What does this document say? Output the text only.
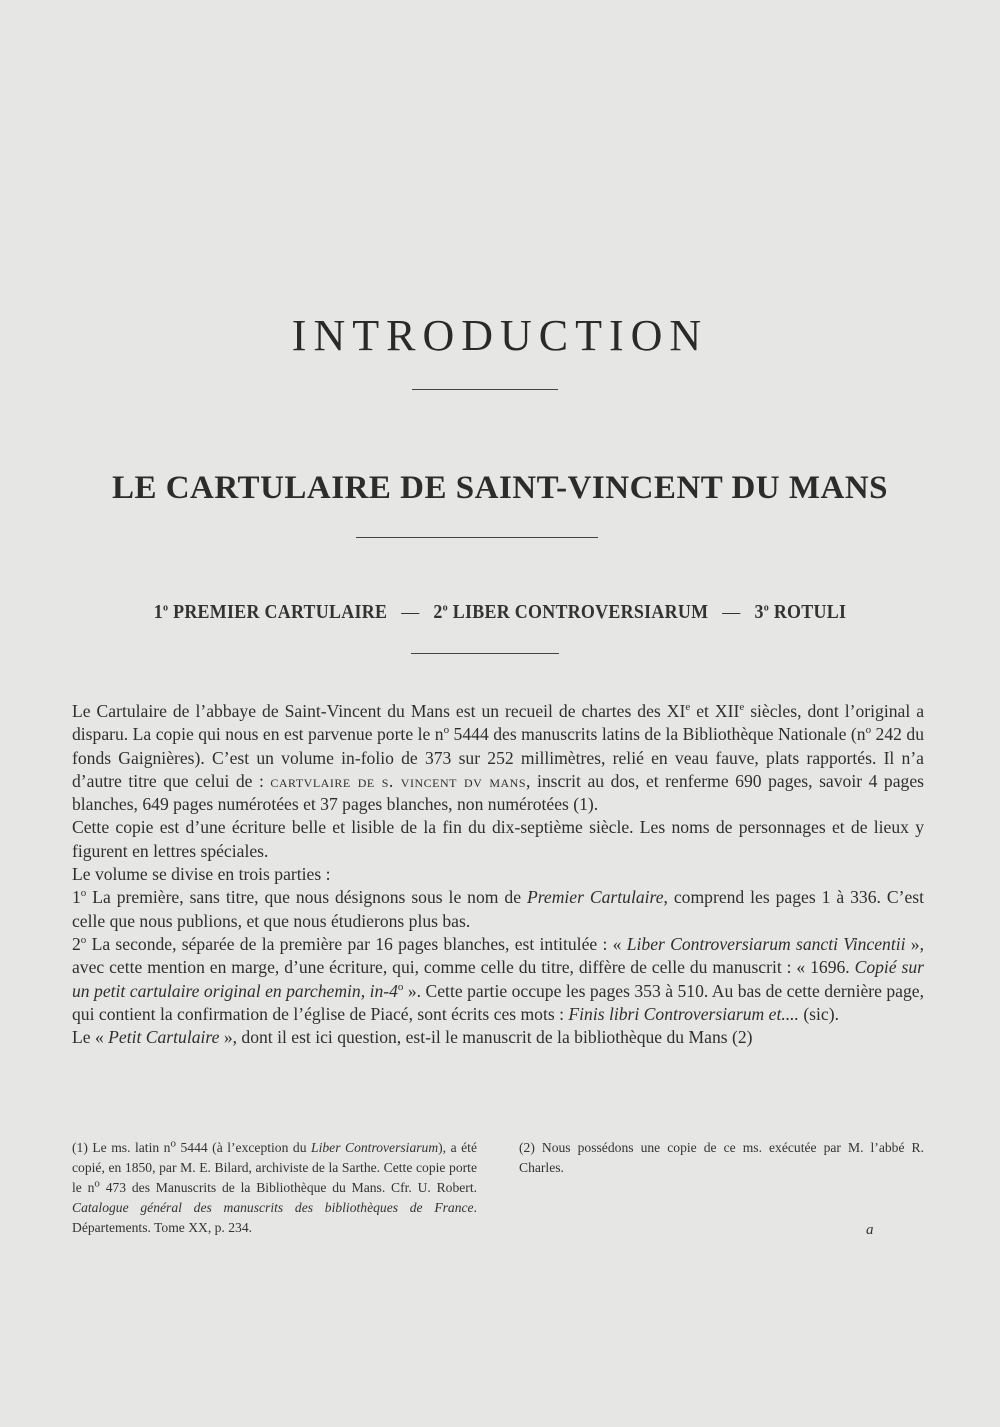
INTRODUCTION
LE CARTULAIRE DE SAINT-VINCENT DU MANS
1$^o$ PREMIER CARTULAIRE — 2$^o$ LIBER CONTROVERSIARUM — 3$^o$ ROTULI

Le Cartulaire de l’abbaye de Saint-Vincent du Mans est un recueil de chartes des XIe et XIIe siècles, dont l’original a disparu. La copie qui nous en est parvenue porte le $n^o$ 5444 des manuscrits latins de la Bibliothèque Nationale ($n^o$ 242 du fonds Gaignières). C’est un volume in-folio de 373 sur 252 millimètres, relié en veau fauve, plats rapportés. Il n’a d’autre titre que celui de : cartvlaire de s. vincent dv mans, inscrit au dos, et renferme 690 pages, savoir 4 pages blanches, 649 pages numérotées et 37 pages blanches, non numérotées (1).

Cette copie est d’une écriture belle et lisible de la fin du dix-septième siècle. Les noms de personnages et de lieux y figurent en lettres spéciales.

Le volume se divise en trois parties :

1$^o$ La première, sans titre, que nous désignons sous le nom de Premier Cartulaire, comprend les pages 1 à 336. C’est celle que nous publions, et que nous étudierons plus bas.

2$^o$ La seconde, séparée de la première par 16 pages blanches, est intitulée : « Liber Controversiarum sancti Vincentii », avec cette mention en marge, d’une écriture, qui, comme celle du titre, diffère de celle du manuscrit : « 1696. Copié sur un petit cartulaire original en parchemin, in-4$^o$ ». Cette partie occupe les pages 353 à 510. Au bas de cette dernière page, qui contient la confirmation de l’église de Piacé, sont écrits ces mots : Finis libri Controversiarum et.... (sic).

Le « Petit Cartulaire », dont il est ici question, est-il le manuscrit de la bibliothèque du Mans (2)

(1) Le ms. latin $n^o$ 5444 (à l’exception du Liber Controversiarum), a été copié, en 1850, par M. E. Bilard, archiviste de la Sarthe. Cette copie porte le $n^o$ 473 des Manuscrits de la Bibliothèque du Mans. Cfr. U. Robert. Catalogue général des manuscrits des bibliothèques de France. Départements. Tome XX, p. 234.

(2) Nous possédons une copie de ce ms. exécutée par M. l’abbé R. Charles.

a
